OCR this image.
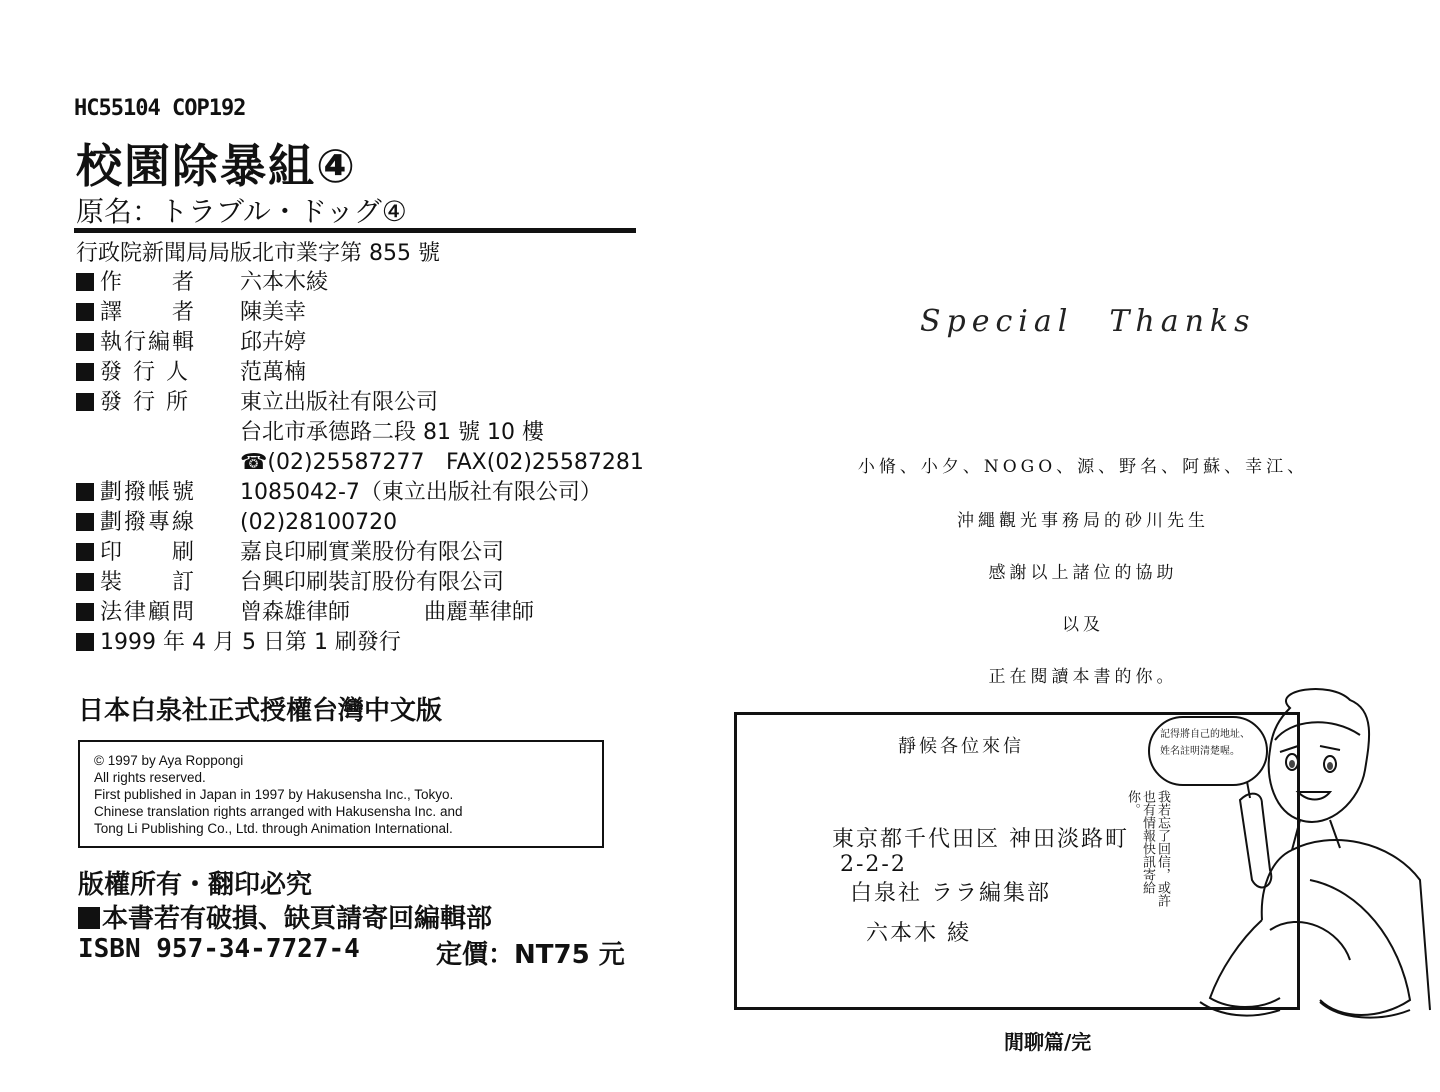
HC55104 COP192
校園除暴組④
原名：トラブル・ドッグ④
行政院新聞局局版北市業字第 855 號
作　　者	六本木綾
譯　　者	陳美幸
執行編輯	邱卉婷
發 行 人	范萬楠
發 行 所	東立出版社有限公司
台北市承德路二段 81 號 10 樓
☎(02)25587277 FAX(02)25587281
劃撥帳號	1085042-7（東立出版社有限公司）
劃撥專線	(02)28100720
印　　刷	嘉良印刷實業股份有限公司
裝　　訂	台興印刷裝訂股份有限公司
法律顧問	曾森雄律師	曲麗華律師
1999 年 4 月 5 日第 1 刷發行
日本白泉社正式授權台灣中文版
© 1997 by Aya Roppongi
All rights reserved.
First published in Japan in 1997 by Hakusensha Inc., Tokyo.
Chinese translation rights arranged with Hakusensha Inc. and
Tong Li Publishing Co., Ltd. through Animation International.
版權所有・翻印必究
本書若有破損、缺頁請寄回編輯部
ISBN 957-34-7727-4	定價：NT75 元
Special　Thanks
小脩、小夕、NOGO、源、野名、阿蘇、幸江、
沖繩觀光事務局的砂川先生
感謝以上諸位的協助
以及
正在閱讀本書的你。
靜候各位來信
東京都千代田区 神田淡路町
2-2-2
白泉社 ララ編集部
六本木 綾
記得將自己的地址、姓名註明清楚喔。
我若忘了回信，或許也有情報快訊寄給你。
閒聊篇/完
